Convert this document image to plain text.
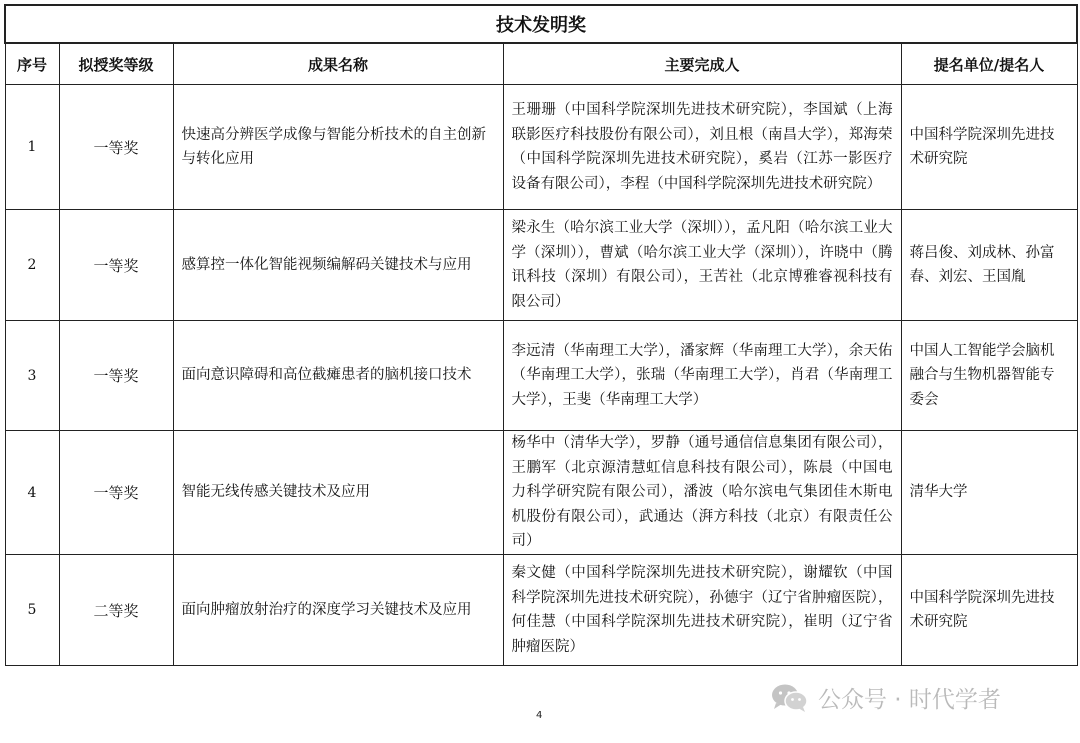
技术发明奖				
序号	拟授奖等级	成果名称	主要完成人	提名单位/提名人
1	一等奖	快速高分辨医学成像与智能分析技术的自主创新与转化应用	王珊珊（中国科学院深圳先进技术研究院），李国斌（上海联影医疗科技股份有限公司），刘且根（南昌大学），郑海荣（中国科学院深圳先进技术研究院），奚岩（江苏一影医疗设备有限公司），李程（中国科学院深圳先进技术研究院）	中国科学院深圳先进技术研究院
2	一等奖	感算控一体化智能视频编解码关键技术与应用	梁永生（哈尔滨工业大学（深圳）），孟凡阳（哈尔滨工业大学（深圳）），曹斌（哈尔滨工业大学（深圳）），许晓中（腾讯科技（深圳）有限公司），王苦社（北京博雅睿视科技有限公司）	蒋吕俊、刘成林、孙富春、刘宏、王国胤
3	一等奖	面向意识障碍和高位截瘫患者的脑机接口技术	李远清（华南理工大学），潘家辉（华南理工大学），余天佑（华南理工大学），张瑞（华南理工大学），肖君（华南理工大学），王斐（华南理工大学）	中国人工智能学会脑机融合与生物机器智能专委会
4	一等奖	智能无线传感关键技术及应用	杨华中（清华大学），罗静（通号通信信息集团有限公司），王鹏军（北京源清慧虹信息科技有限公司），陈晨（中国电力科学研究院有限公司），潘波（哈尔滨电气集团佳木斯电机股份有限公司），武通达（湃方科技（北京）有限责任公司）	清华大学
5	二等奖	面向肿瘤放射治疗的深度学习关键技术及应用	秦文健（中国科学院深圳先进技术研究院），谢耀钦（中国科学院深圳先进技术研究院），孙德宇（辽宁省肿瘤医院），何佳慧（中国科学院深圳先进技术研究院），崔明（辽宁省肿瘤医院）	中国科学院深圳先进技术研究院
4
公众号 · 时代学者
